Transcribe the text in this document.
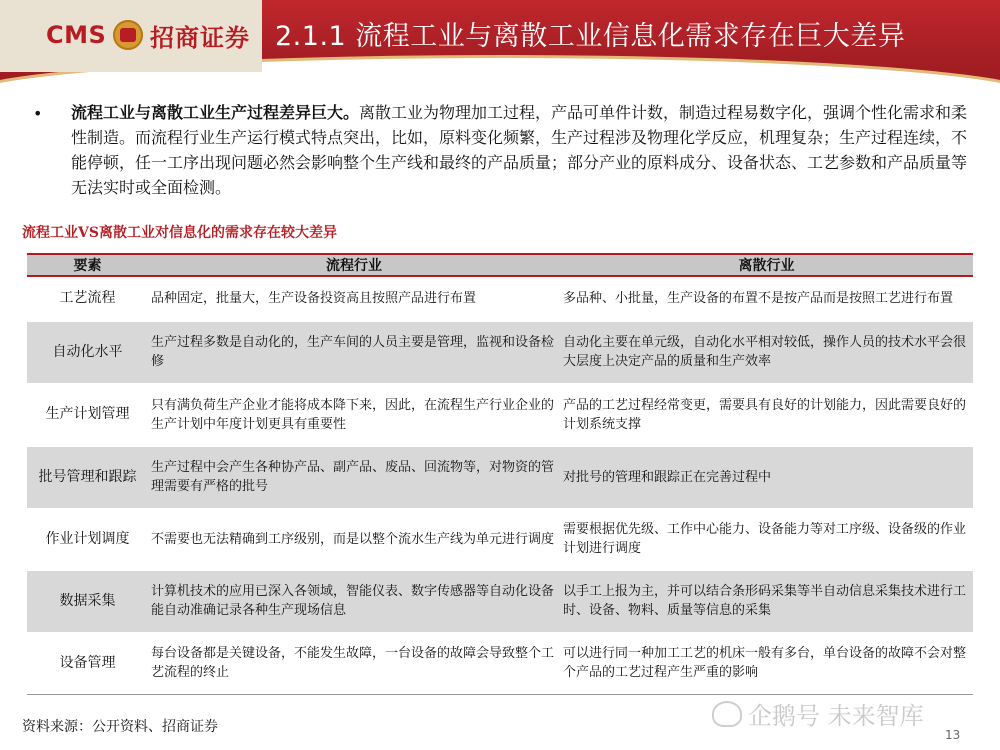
CMS 招商证券 2.1.1 流程工业与离散工业信息化需求存在巨大差异
• 流程工业与离散工业生产过程差异巨大。离散工业为物理加工过程，产品可单件计数，制造过程易数字化，强调个性化需求和柔性制造。而流程行业生产运行模式特点突出，比如，原料变化频繁，生产过程涉及物理化学反应，机理复杂；生产过程连续，不能停顿，任一工序出现问题必然会影响整个生产线和最终的产品质量；部分产业的原料成分、设备状态、工艺参数和产品质量等无法实时或全面检测。
流程工业VS离散工业对信息化的需求存在较大差异
要素	流程行业	离散行业
工艺流程	品种固定，批量大，生产设备投资高且按照产品进行布置	多品种、小批量，生产设备的布置不是按产品而是按照工艺进行布置
自动化水平	生产过程多数是自动化的，生产车间的人员主要是管理，监视和设备检修	自动化主要在单元级，自动化水平相对较低，操作人员的技术水平会很大层度上决定产品的质量和生产效率
生产计划管理	只有满负荷生产企业才能将成本降下来，因此，在流程生产行业企业的生产计划中年度计划更具有重要性	产品的工艺过程经常变更，需要具有良好的计划能力，因此需要良好的计划系统支撑
批号管理和跟踪	生产过程中会产生各种协产品、副产品、废品、回流物等，对物资的管理需要有严格的批号	对批号的管理和跟踪正在完善过程中
作业计划调度	不需要也无法精确到工序级别，而是以整个流水生产线为单元进行调度	需要根据优先级、工作中心能力、设备能力等对工序级、设备级的作业计划进行调度
数据采集	计算机技术的应用已深入各领域，智能仪表、数字传感器等自动化设备能自动准确记录各种生产现场信息	以手工上报为主，并可以结合条形码采集等半自动信息采集技术进行工时、设备、物料、质量等信息的采集
设备管理	每台设备都是关键设备，不能发生故障，一台设备的故障会导致整个工艺流程的终止	可以进行同一种加工工艺的机床一般有多台，单台设备的故障不会对整个产品的工艺过程产生严重的影响
资料来源：公开资料、招商证券	企鹅号 未来智库
13
